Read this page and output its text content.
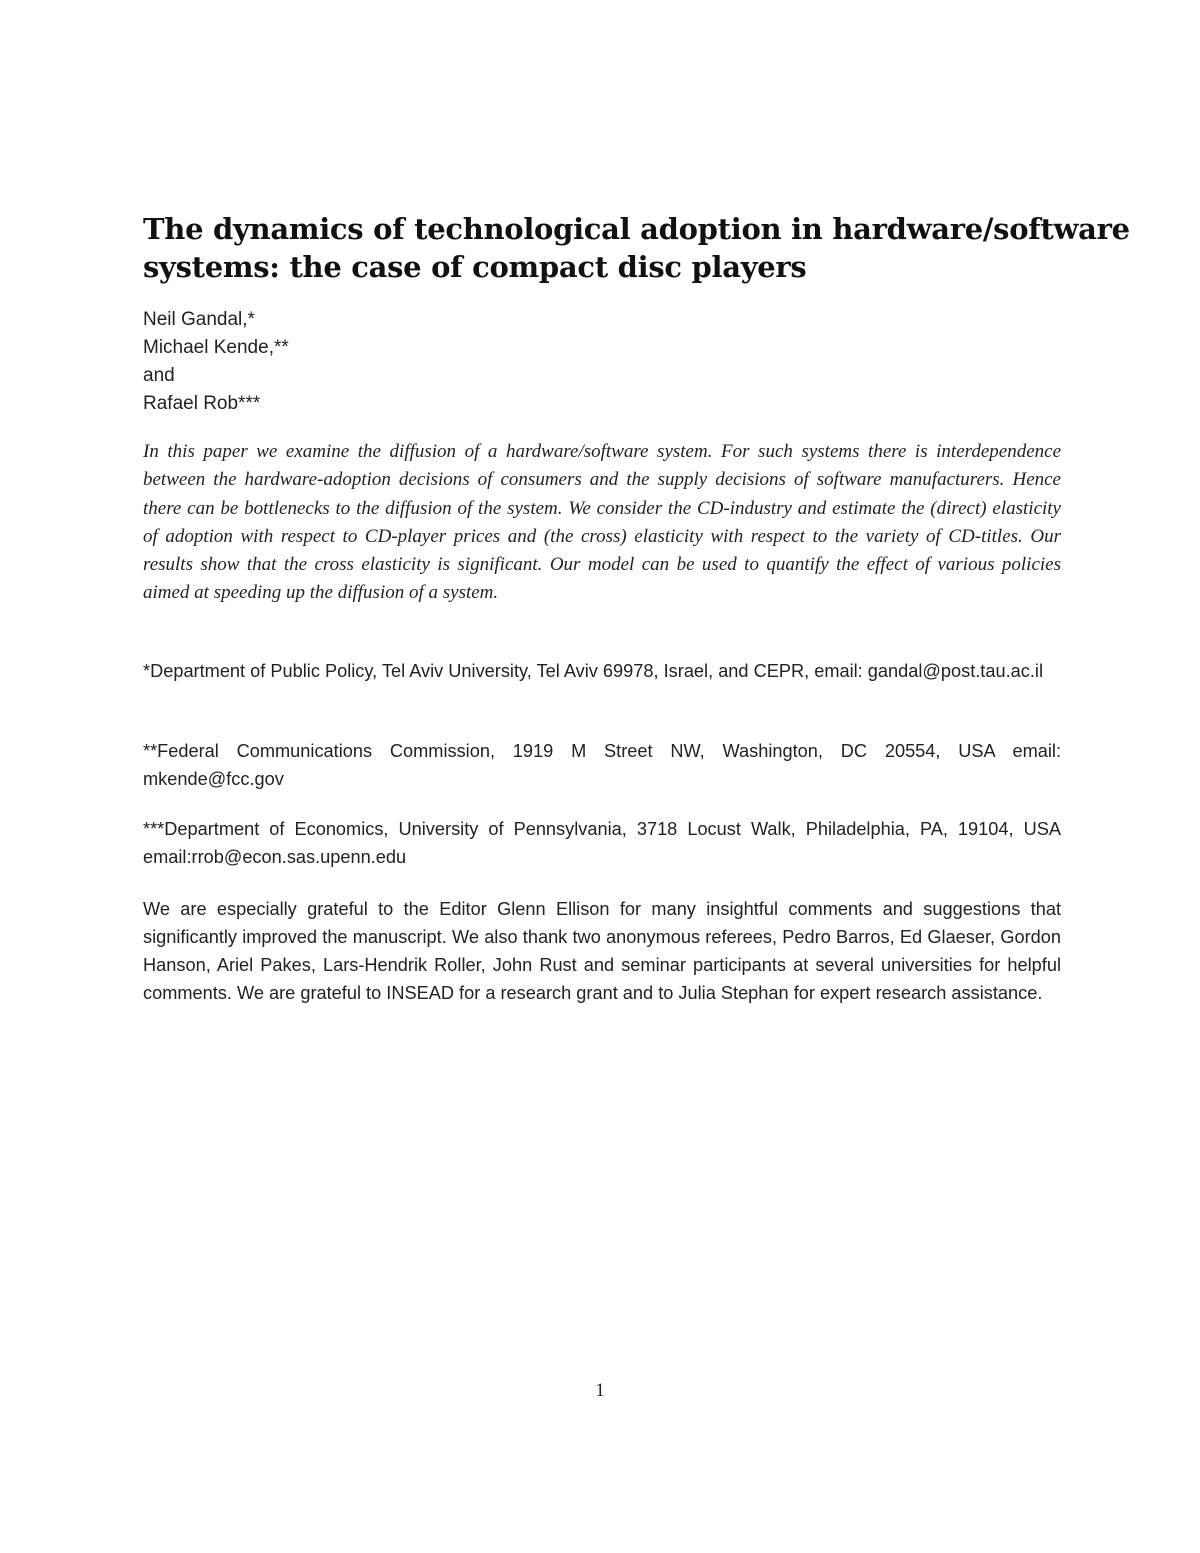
The dynamics of technological adoption in hardware/software systems: the case of compact disc players
Neil Gandal,*
Michael Kende,**
and
Rafael Rob***

In this paper we examine the diffusion of a hardware/software system. For such systems there is interdependence between the hardware-adoption decisions of consumers and the supply decisions of software manufacturers. Hence there can be bottlenecks to the diffusion of the system. We consider the CD-industry and estimate the (direct) elasticity of adoption with respect to CD-player prices and (the cross) elasticity with respect to the variety of CD-titles. Our results show that the cross elasticity is significant. Our model can be used to quantify the effect of various policies aimed at speeding up the diffusion of a system.

*Department of Public Policy, Tel Aviv University, Tel Aviv 69978, Israel, and CEPR, email: gandal@post.tau.ac.il

**Federal Communications Commission, 1919 M Street NW, Washington, DC 20554, USA email: mkende@fcc.gov

***Department of Economics, University of Pennsylvania, 3718 Locust Walk, Philadelphia, PA, 19104, USA email:rrob@econ.sas.upenn.edu

We are especially grateful to the Editor Glenn Ellison for many insightful comments and suggestions that significantly improved the manuscript. We also thank two anonymous referees, Pedro Barros, Ed Glaeser, Gordon Hanson, Ariel Pakes, Lars-Hendrik Roller, John Rust and seminar participants at several universities for helpful comments. We are grateful to INSEAD for a research grant and to Julia Stephan for expert research assistance.

1
